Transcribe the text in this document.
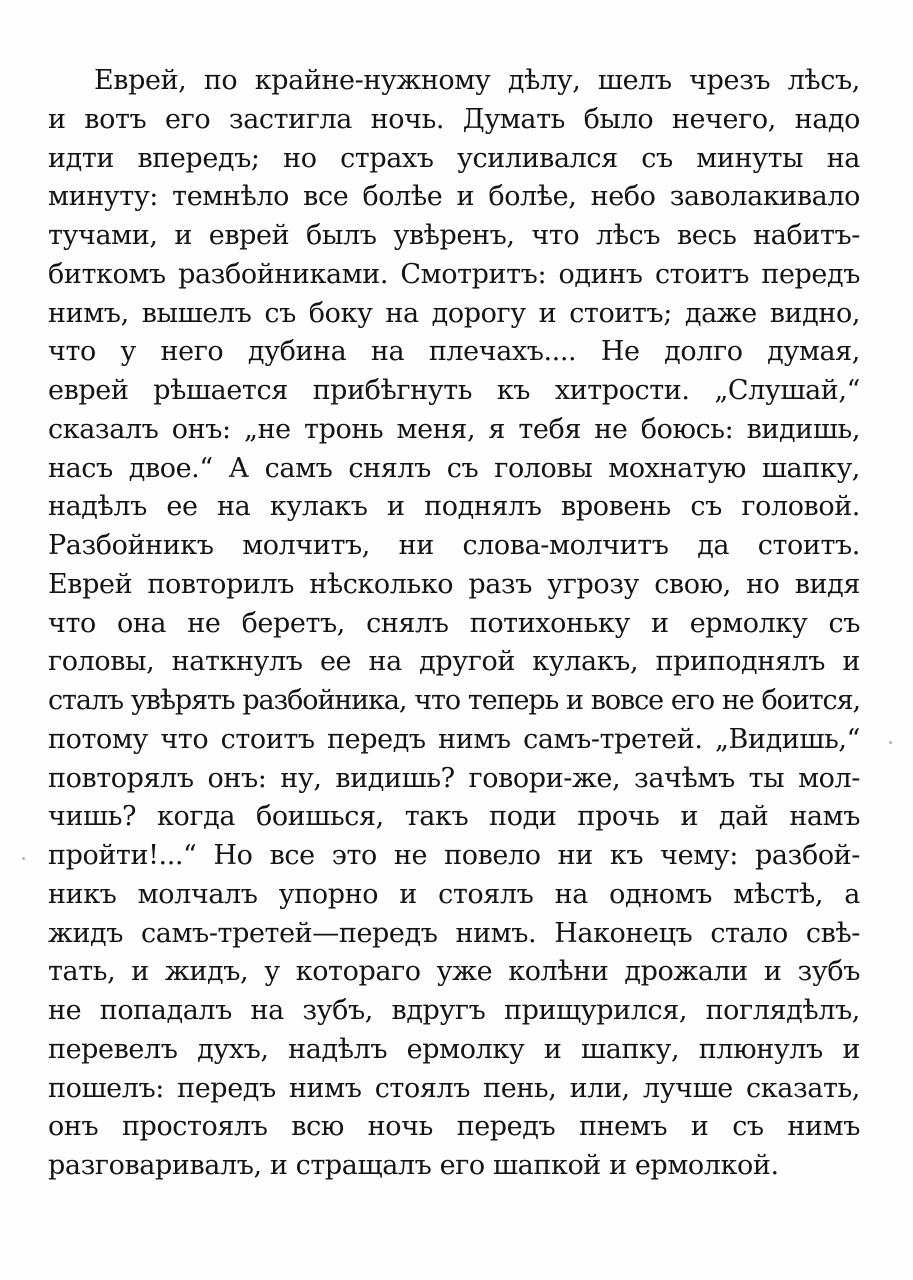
Еврей, по крайне-нужному дѣлу, шелъ чрезъ лѣсъ,
и вотъ его застигла ночь. Думать было нечего, надо
идти впередъ; но страхъ усиливался съ минуты на
минуту: темнѣло все болѣе и болѣе, небо заволакивало
тучами, и еврей былъ увѣренъ, что лѣсъ весь набитъ-
биткомъ разбойниками. Смотритъ: одинъ стоитъ передъ
нимъ, вышелъ съ боку на дорогу и стоитъ; даже видно,
что у него дубина на плечахъ.... Не долго думая,
еврей рѣшается прибѣгнуть къ хитрости. „Слушай,“
сказалъ онъ: „не тронь меня, я тебя не боюсь: видишь,
насъ двое.“ А самъ снялъ съ головы мохнатую шапку,
надѣлъ ее на кулакъ и поднялъ вровень съ головой.
Разбойникъ молчитъ, ни слова-молчитъ да стоитъ.
Еврей повторилъ нѣсколько разъ угрозу свою, но видя
что она не беретъ, снялъ потихоньку и ермолку съ
головы, наткнулъ ее на другой кулакъ, приподнялъ и
сталъ увѣрять разбойника, что теперь и вовсе его не боится,
потому что стоитъ передъ нимъ самъ-третей. „Видишь,“
повторялъ онъ: ну, видишь? говори-же, зачѣмъ ты мол-
чишь? когда боишься, такъ поди прочь и дай намъ
пройти!...“ Но все это не повело ни къ чему: разбой-
никъ молчалъ упорно и стоялъ на одномъ мѣстѣ, а
жидъ самъ-третей—передъ нимъ. Наконецъ стало свѣ-
тать, и жидъ, у котораго уже колѣни дрожали и зубъ
не попадалъ на зубъ, вдругъ прищурился, поглядѣлъ,
перевелъ духъ, надѣлъ ермолку и шапку, плюнулъ и
пошелъ: передъ нимъ стоялъ пень, или, лучше сказать,
онъ простоялъ всю ночь передъ пнемъ и съ нимъ
разговаривалъ, и стращалъ его шапкой и ермолкой.
